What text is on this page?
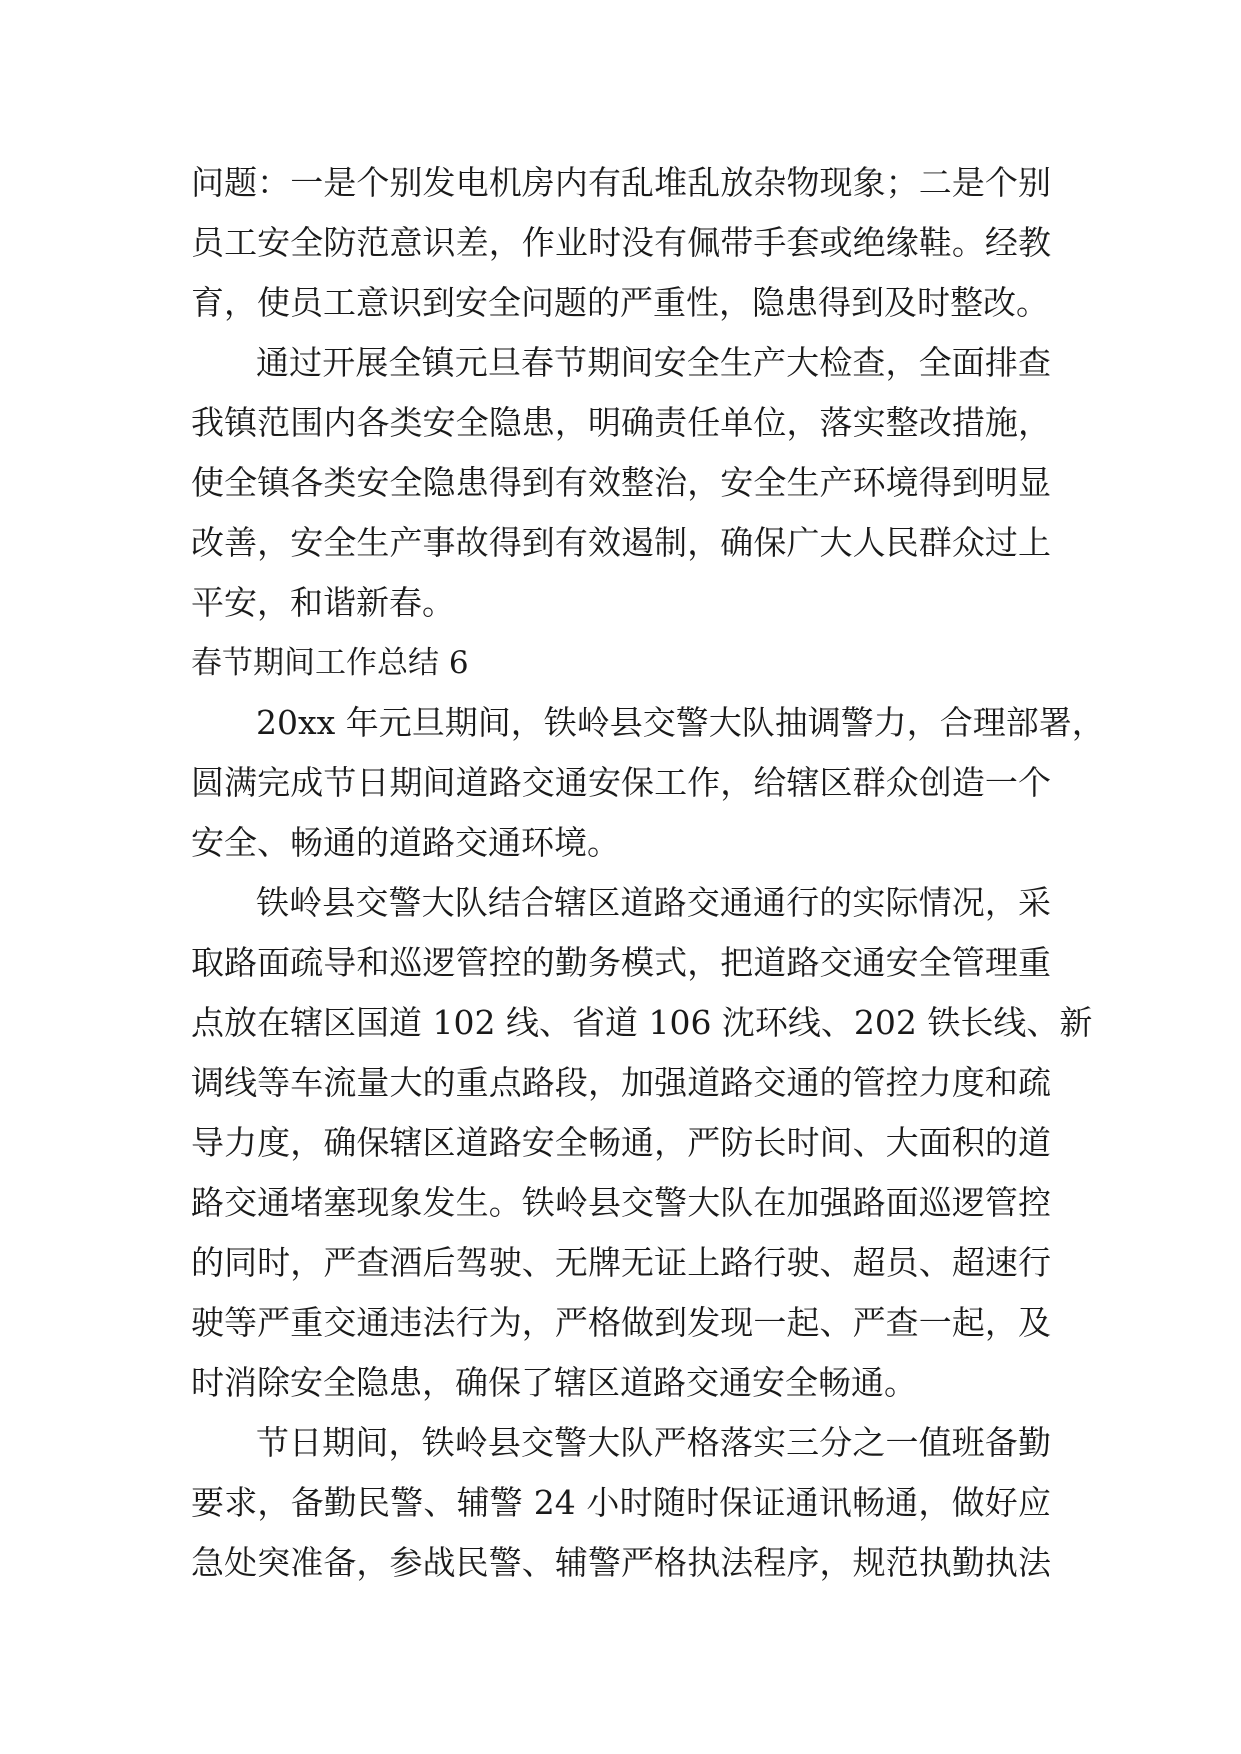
问题：一是个别发电机房内有乱堆乱放杂物现象；二是个别

员工安全防范意识差，作业时没有佩带手套或绝缘鞋。经教

育，使员工意识到安全问题的严重性，隐患得到及时整改。

通过开展全镇元旦春节期间安全生产大检查，全面排查

我镇范围内各类安全隐患，明确责任单位，落实整改措施，

使全镇各类安全隐患得到有效整治，安全生产环境得到明显

改善，安全生产事故得到有效遏制，确保广大人民群众过上

平安，和谐新春。

春节期间工作总结 6

20xx 年元旦期间，铁岭县交警大队抽调警力，合理部署，

圆满完成节日期间道路交通安保工作，给辖区群众创造一个

安全、畅通的道路交通环境。

铁岭县交警大队结合辖区道路交通通行的实际情况，采

取路面疏导和巡逻管控的勤务模式，把道路交通安全管理重

点放在辖区国道 102 线、省道 106 沈环线、202 铁长线、新

调线等车流量大的重点路段，加强道路交通的管控力度和疏

导力度，确保辖区道路安全畅通，严防长时间、大面积的道

路交通堵塞现象发生。铁岭县交警大队在加强路面巡逻管控

的同时，严查酒后驾驶、无牌无证上路行驶、超员、超速行

驶等严重交通违法行为，严格做到发现一起、严查一起，及

时消除安全隐患，确保了辖区道路交通安全畅通。

节日期间，铁岭县交警大队严格落实三分之一值班备勤

要求，备勤民警、辅警 24 小时随时保证通讯畅通，做好应

急处突准备，参战民警、辅警严格执法程序，规范执勤执法
